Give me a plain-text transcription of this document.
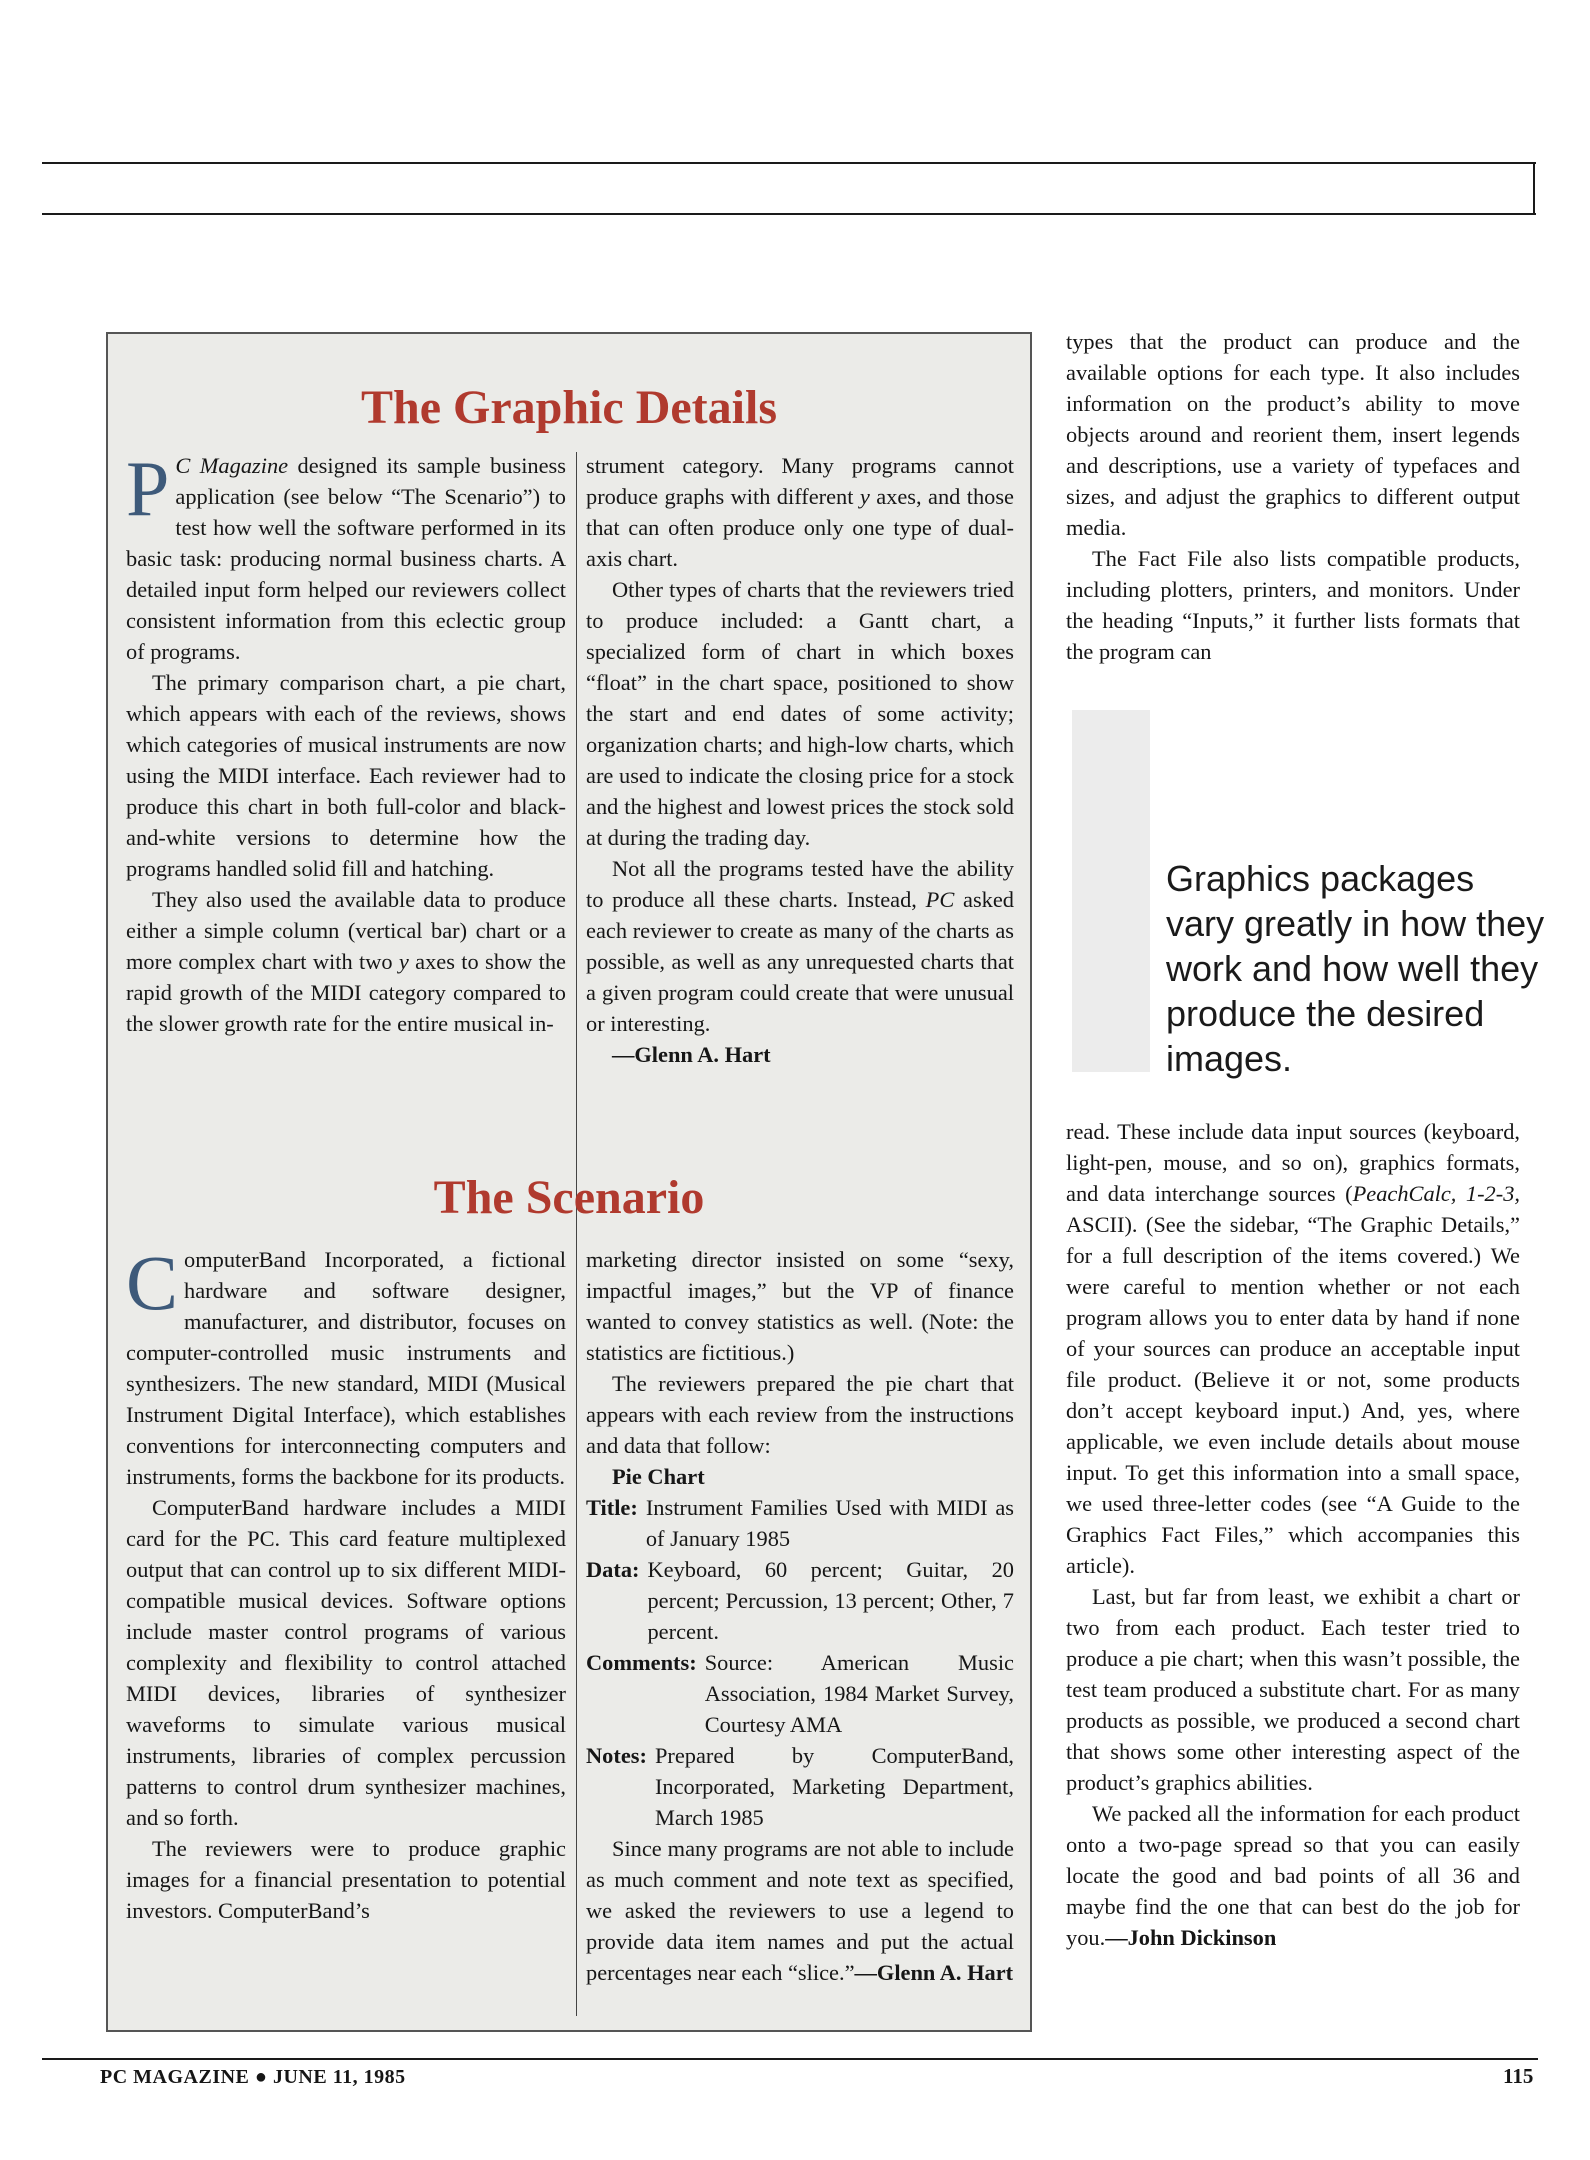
The Graphic Details

P C Magazine designed its sample business application (see below “The Scenario”) to test how well the software performed in its basic task: producing normal business charts. A detailed input form helped our reviewers collect consistent information from this eclectic group of programs.

The primary comparison chart, a pie chart, which appears with each of the reviews, shows which categories of musical instruments are now using the MIDI interface. Each reviewer had to produce this chart in both full-color and black-and-white versions to determine how the programs handled solid fill and hatching.

They also used the available data to produce either a simple column (vertical bar) chart or a more complex chart with two y axes to show the rapid growth of the MIDI category compared to the slower growth rate for the entire musical in-

strument category. Many programs cannot produce graphs with different y axes, and those that can often produce only one type of dual-axis chart.

Other types of charts that the reviewers tried to produce included: a Gantt chart, a specialized form of chart in which boxes “float” in the chart space, positioned to show the start and end dates of some activity; organization charts; and high-low charts, which are used to indicate the closing price for a stock and the highest and lowest prices the stock sold at during the trading day.

Not all the programs tested have the ability to produce all these charts. Instead, PC asked each reviewer to create as many of the charts as possible, as well as any unrequested charts that a given program could create that were unusual or interesting.

—Glenn A. Hart

The Scenario

ComputerBand Incorporated, a fictional hardware and software designer, manufacturer, and distributor, focuses on computer-controlled music instruments and synthesizers. The new standard, MIDI (Musical Instrument Digital Interface), which establishes conventions for interconnecting computers and instruments, forms the backbone for its products.

ComputerBand hardware includes a MIDI card for the PC. This card feature multiplexed output that can control up to six different MIDI-compatible musical devices. Software options include master control programs of various complexity and flexibility to control attached MIDI devices, libraries of synthesizer waveforms to simulate various musical instruments, libraries of complex percussion patterns to control drum synthesizer machines, and so forth.

The reviewers were to produce graphic images for a financial presentation to potential investors. ComputerBand’s

marketing director insisted on some “sexy, impactful images,” but the VP of finance wanted to convey statistics as well. (Note: the statistics are fictitious.)

The reviewers prepared the pie chart that appears with each review from the instructions and data that follow:

Pie Chart
Title: Instrument Families Used with MIDI as of January 1985
Data: Keyboard, 60 percent; Guitar, 20 percent; Percussion, 13 percent; Other, 7 percent.
Comments: Source: American Music Association, 1984 Market Survey, Courtesy AMA
Notes: Prepared by ComputerBand, Incorporated, Marketing Department, March 1985

Since many programs are not able to include as much comment and note text as specified, we asked the reviewers to use a legend to provide data item names and put the actual percentages near each “slice.”—Glenn A. Hart

types that the product can produce and the available options for each type. It also includes information on the product’s ability to move objects around and reorient them, insert legends and descriptions, use a variety of typefaces and sizes, and adjust the graphics to different output media.

The Fact File also lists compatible products, including plotters, printers, and monitors. Under the heading “Inputs,” it further lists formats that the program can

Graphics packages vary greatly in how they work and how well they produce the desired images.

read. These include data input sources (keyboard, light-pen, mouse, and so on), graphics formats, and data interchange sources (PeachCalc, 1-2-3, ASCII). (See the sidebar, “The Graphic Details,” for a full description of the items covered.) We were careful to mention whether or not each program allows you to enter data by hand if none of your sources can produce an acceptable input file product. (Believe it or not, some products don’t accept keyboard input.) And, yes, where applicable, we even include details about mouse input. To get this information into a small space, we used three-letter codes (see “A Guide to the Graphics Fact Files,” which accompanies this article).

Last, but far from least, we exhibit a chart or two from each product. Each tester tried to produce a pie chart; when this wasn’t possible, the test team produced a substitute chart. For as many products as possible, we produced a second chart that shows some other interesting aspect of the product’s graphics abilities.

We packed all the information for each product onto a two-page spread so that you can easily locate the good and bad points of all 36 and maybe find the one that can best do the job for you.—John Dickinson

PC MAGAZINE ● JUNE 11, 1985	115
